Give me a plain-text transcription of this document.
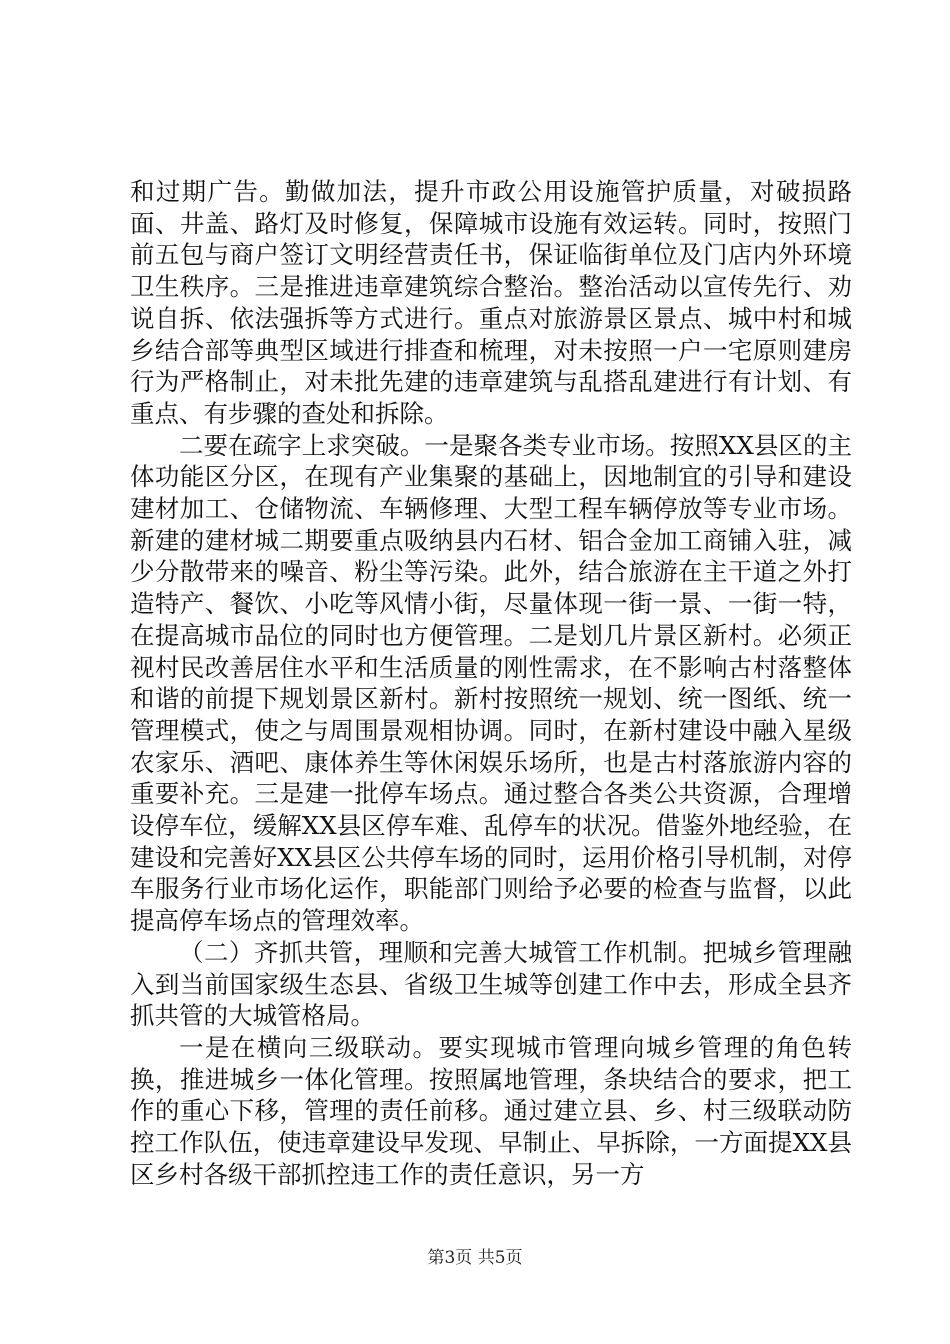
和过期广告。勤做加法，提升市政公用设施管护质量，对破损路面、井盖、路灯及时修复，保障城市设施有效运转。同时，按照门前五包与商户签订文明经营责任书，保证临街单位及门店内外环境卫生秩序。三是推进违章建筑综合整治。整治活动以宣传先行、劝说自拆、依法强拆等方式进行。重点对旅游景区景点、城中村和城乡结合部等典型区域进行排查和梳理，对未按照一户一宅原则建房行为严格制止，对未批先建的违章建筑与乱搭乱建进行有计划、有重点、有步骤的查处和拆除。

二要在疏字上求突破。一是聚各类专业市场。按照XX县区的主体功能区分区，在现有产业集聚的基础上，因地制宜的引导和建设建材加工、仓储物流、车辆修理、大型工程车辆停放等专业市场。新建的建材城二期要重点吸纳县内石材、铝合金加工商铺入驻，减少分散带来的噪音、粉尘等污染。此外，结合旅游在主干道之外打造特产、餐饮、小吃等风情小街，尽量体现一街一景、一街一特，在提高城市品位的同时也方便管理。二是划几片景区新村。必须正视村民改善居住水平和生活质量的刚性需求，在不影响古村落整体和谐的前提下规划景区新村。新村按照统一规划、统一图纸、统一管理模式，使之与周围景观相协调。同时，在新村建设中融入星级农家乐、酒吧、康体养生等休闲娱乐场所，也是古村落旅游内容的重要补充。三是建一批停车场点。通过整合各类公共资源，合理增设停车位，缓解XX县区停车难、乱停车的状况。借鉴外地经验，在建设和完善好XX县区公共停车场的同时，运用价格引导机制，对停车服务行业市场化运作，职能部门则给予必要的检查与监督，以此提高停车场点的管理效率。

（二）齐抓共管，理顺和完善大城管工作机制。把城乡管理融入到当前国家级生态县、省级卫生城等创建工作中去，形成全县齐抓共管的大城管格局。

一是在横向三级联动。要实现城市管理向城乡管理的角色转换，推进城乡一体化管理。按照属地管理，条块结合的要求，把工作的重心下移，管理的责任前移。通过建立县、乡、村三级联动防控工作队伍，使违章建设早发现、早制止、早拆除，一方面提XX县区乡村各级干部抓控违工作的责任意识，另一方

第3页 共5页
